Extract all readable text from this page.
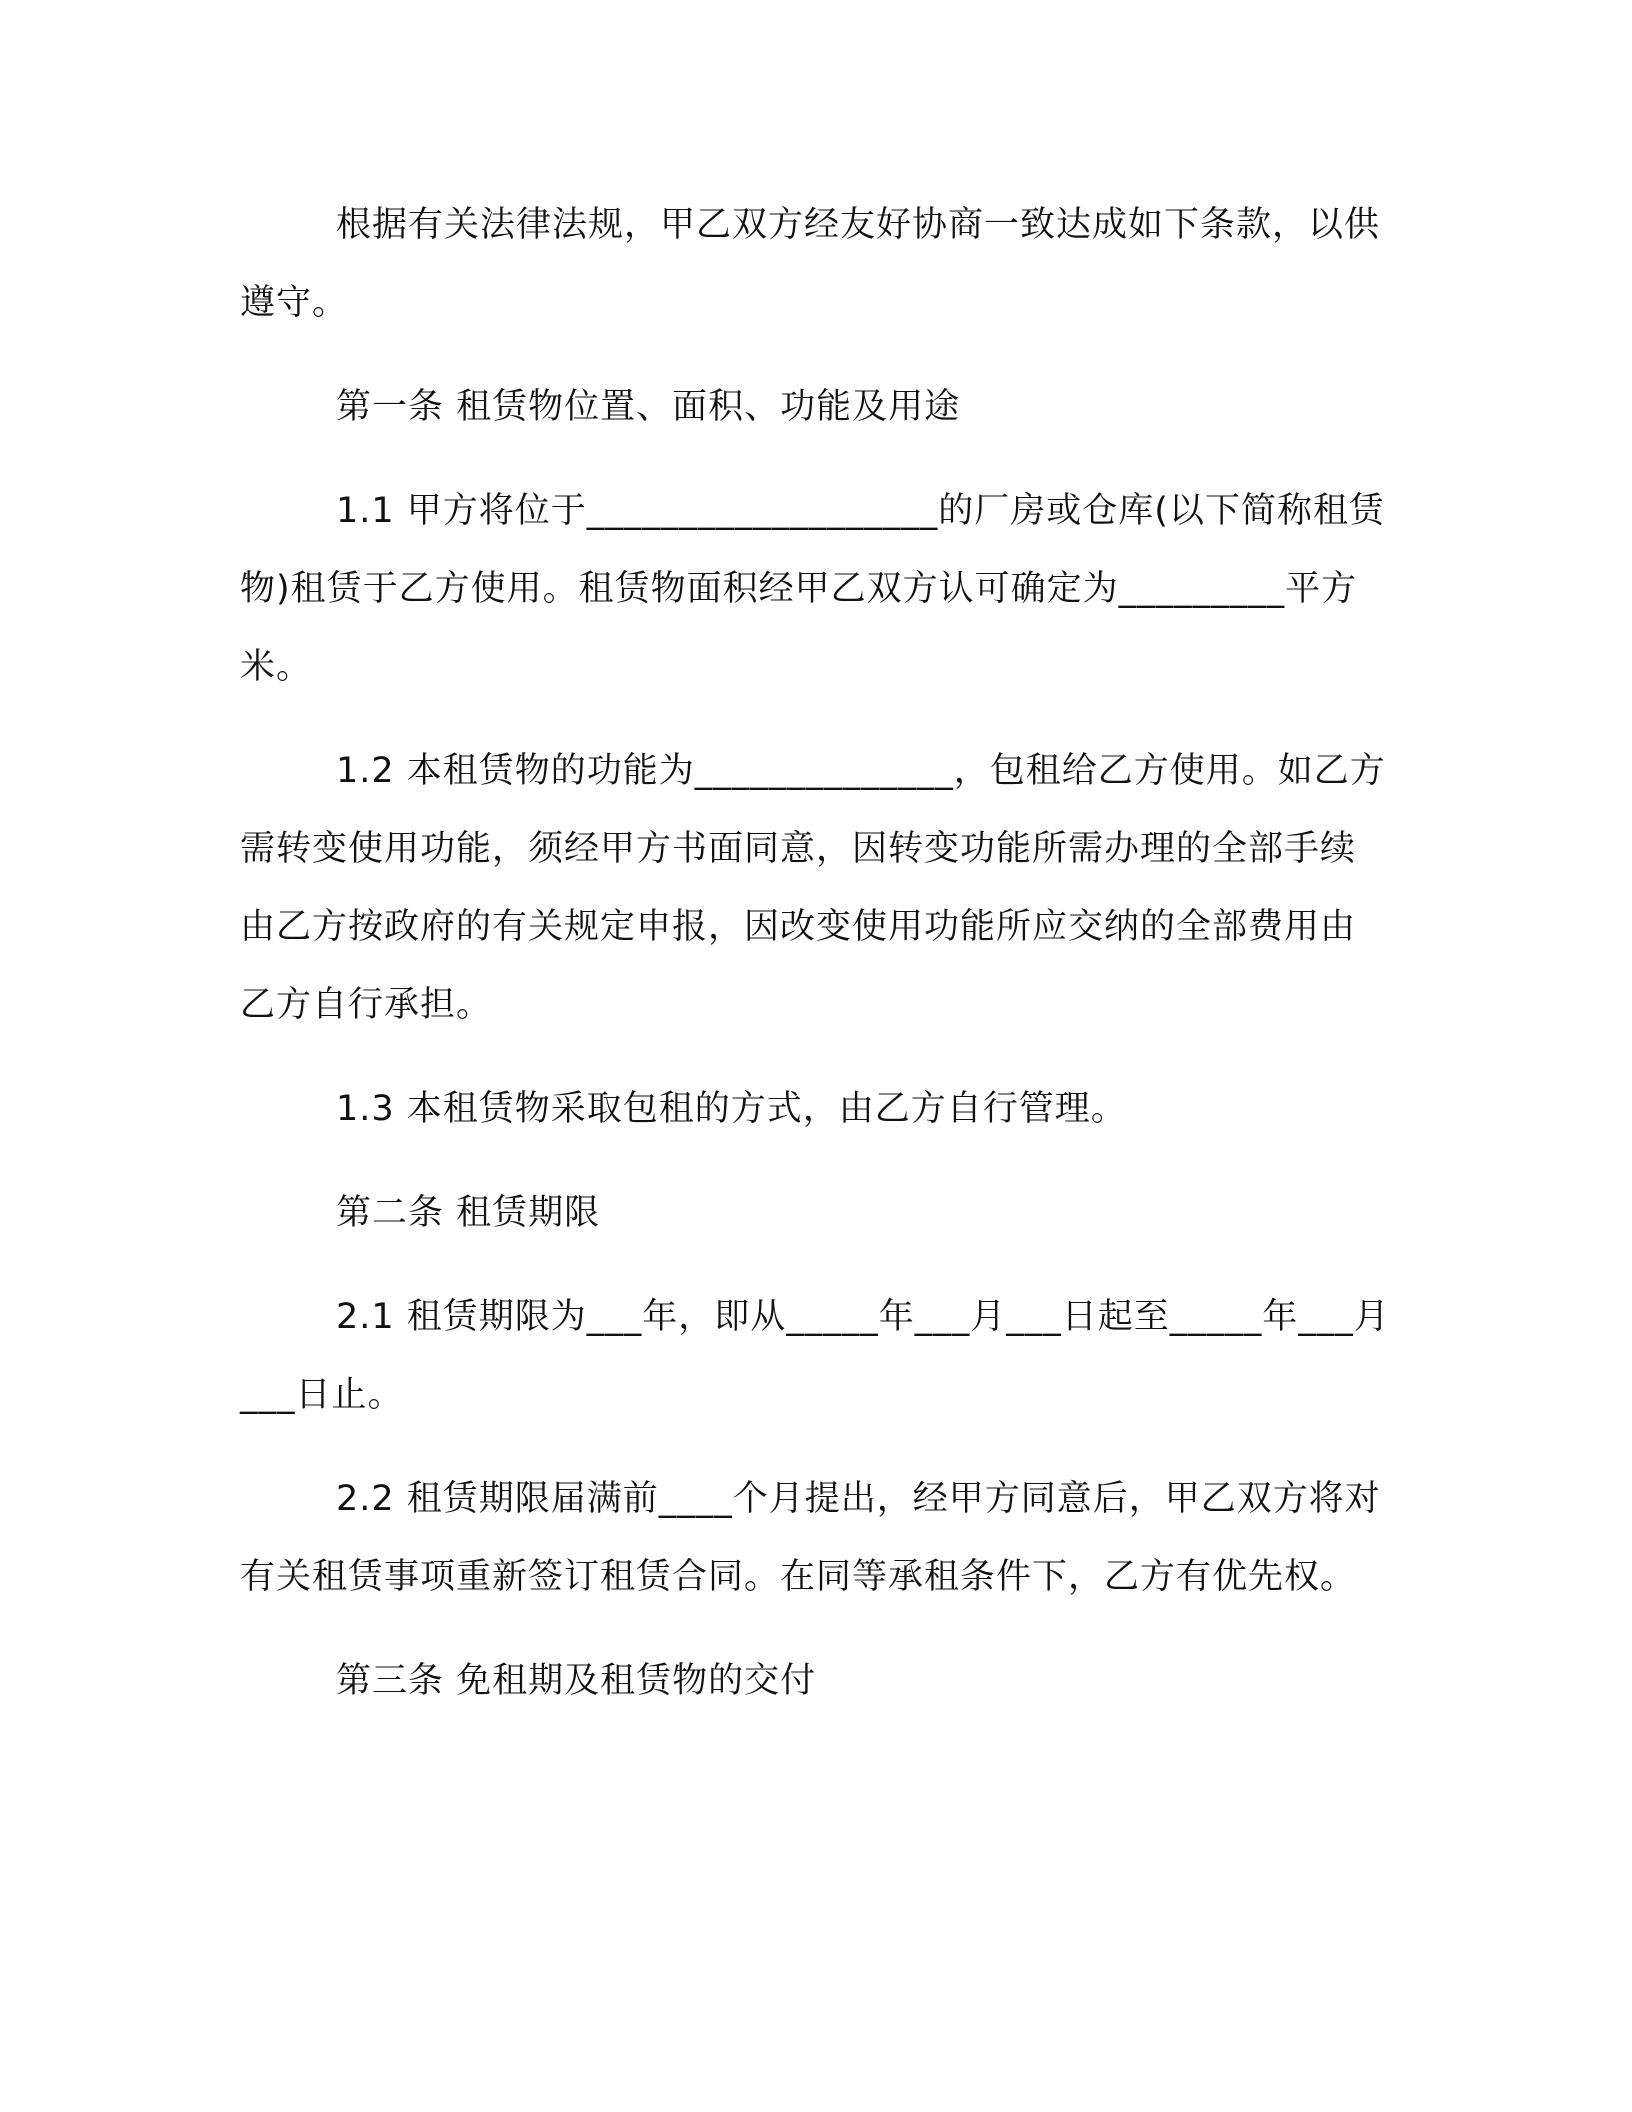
根据有关法律法规，甲乙双方经友好协商一致达成如下条款，以供遵守。

第一条 租赁物位置、面积、功能及用途

1.1 甲方将位于___________________的厂房或仓库(以下简称租赁物)租赁于乙方使用。租赁物面积经甲乙双方认可确定为_________平方米。

1.2 本租赁物的功能为______________，包租给乙方使用。如乙方需转变使用功能，须经甲方书面同意，因转变功能所需办理的全部手续由乙方按政府的有关规定申报，因改变使用功能所应交纳的全部费用由乙方自行承担。

1.3 本租赁物采取包租的方式，由乙方自行管理。

第二条 租赁期限

2.1 租赁期限为___年，即从_____年___月___日起至_____年___月___日止。

2.2 租赁期限届满前____个月提出，经甲方同意后，甲乙双方将对有关租赁事项重新签订租赁合同。在同等承租条件下，乙方有优先权。

第三条 免租期及租赁物的交付
